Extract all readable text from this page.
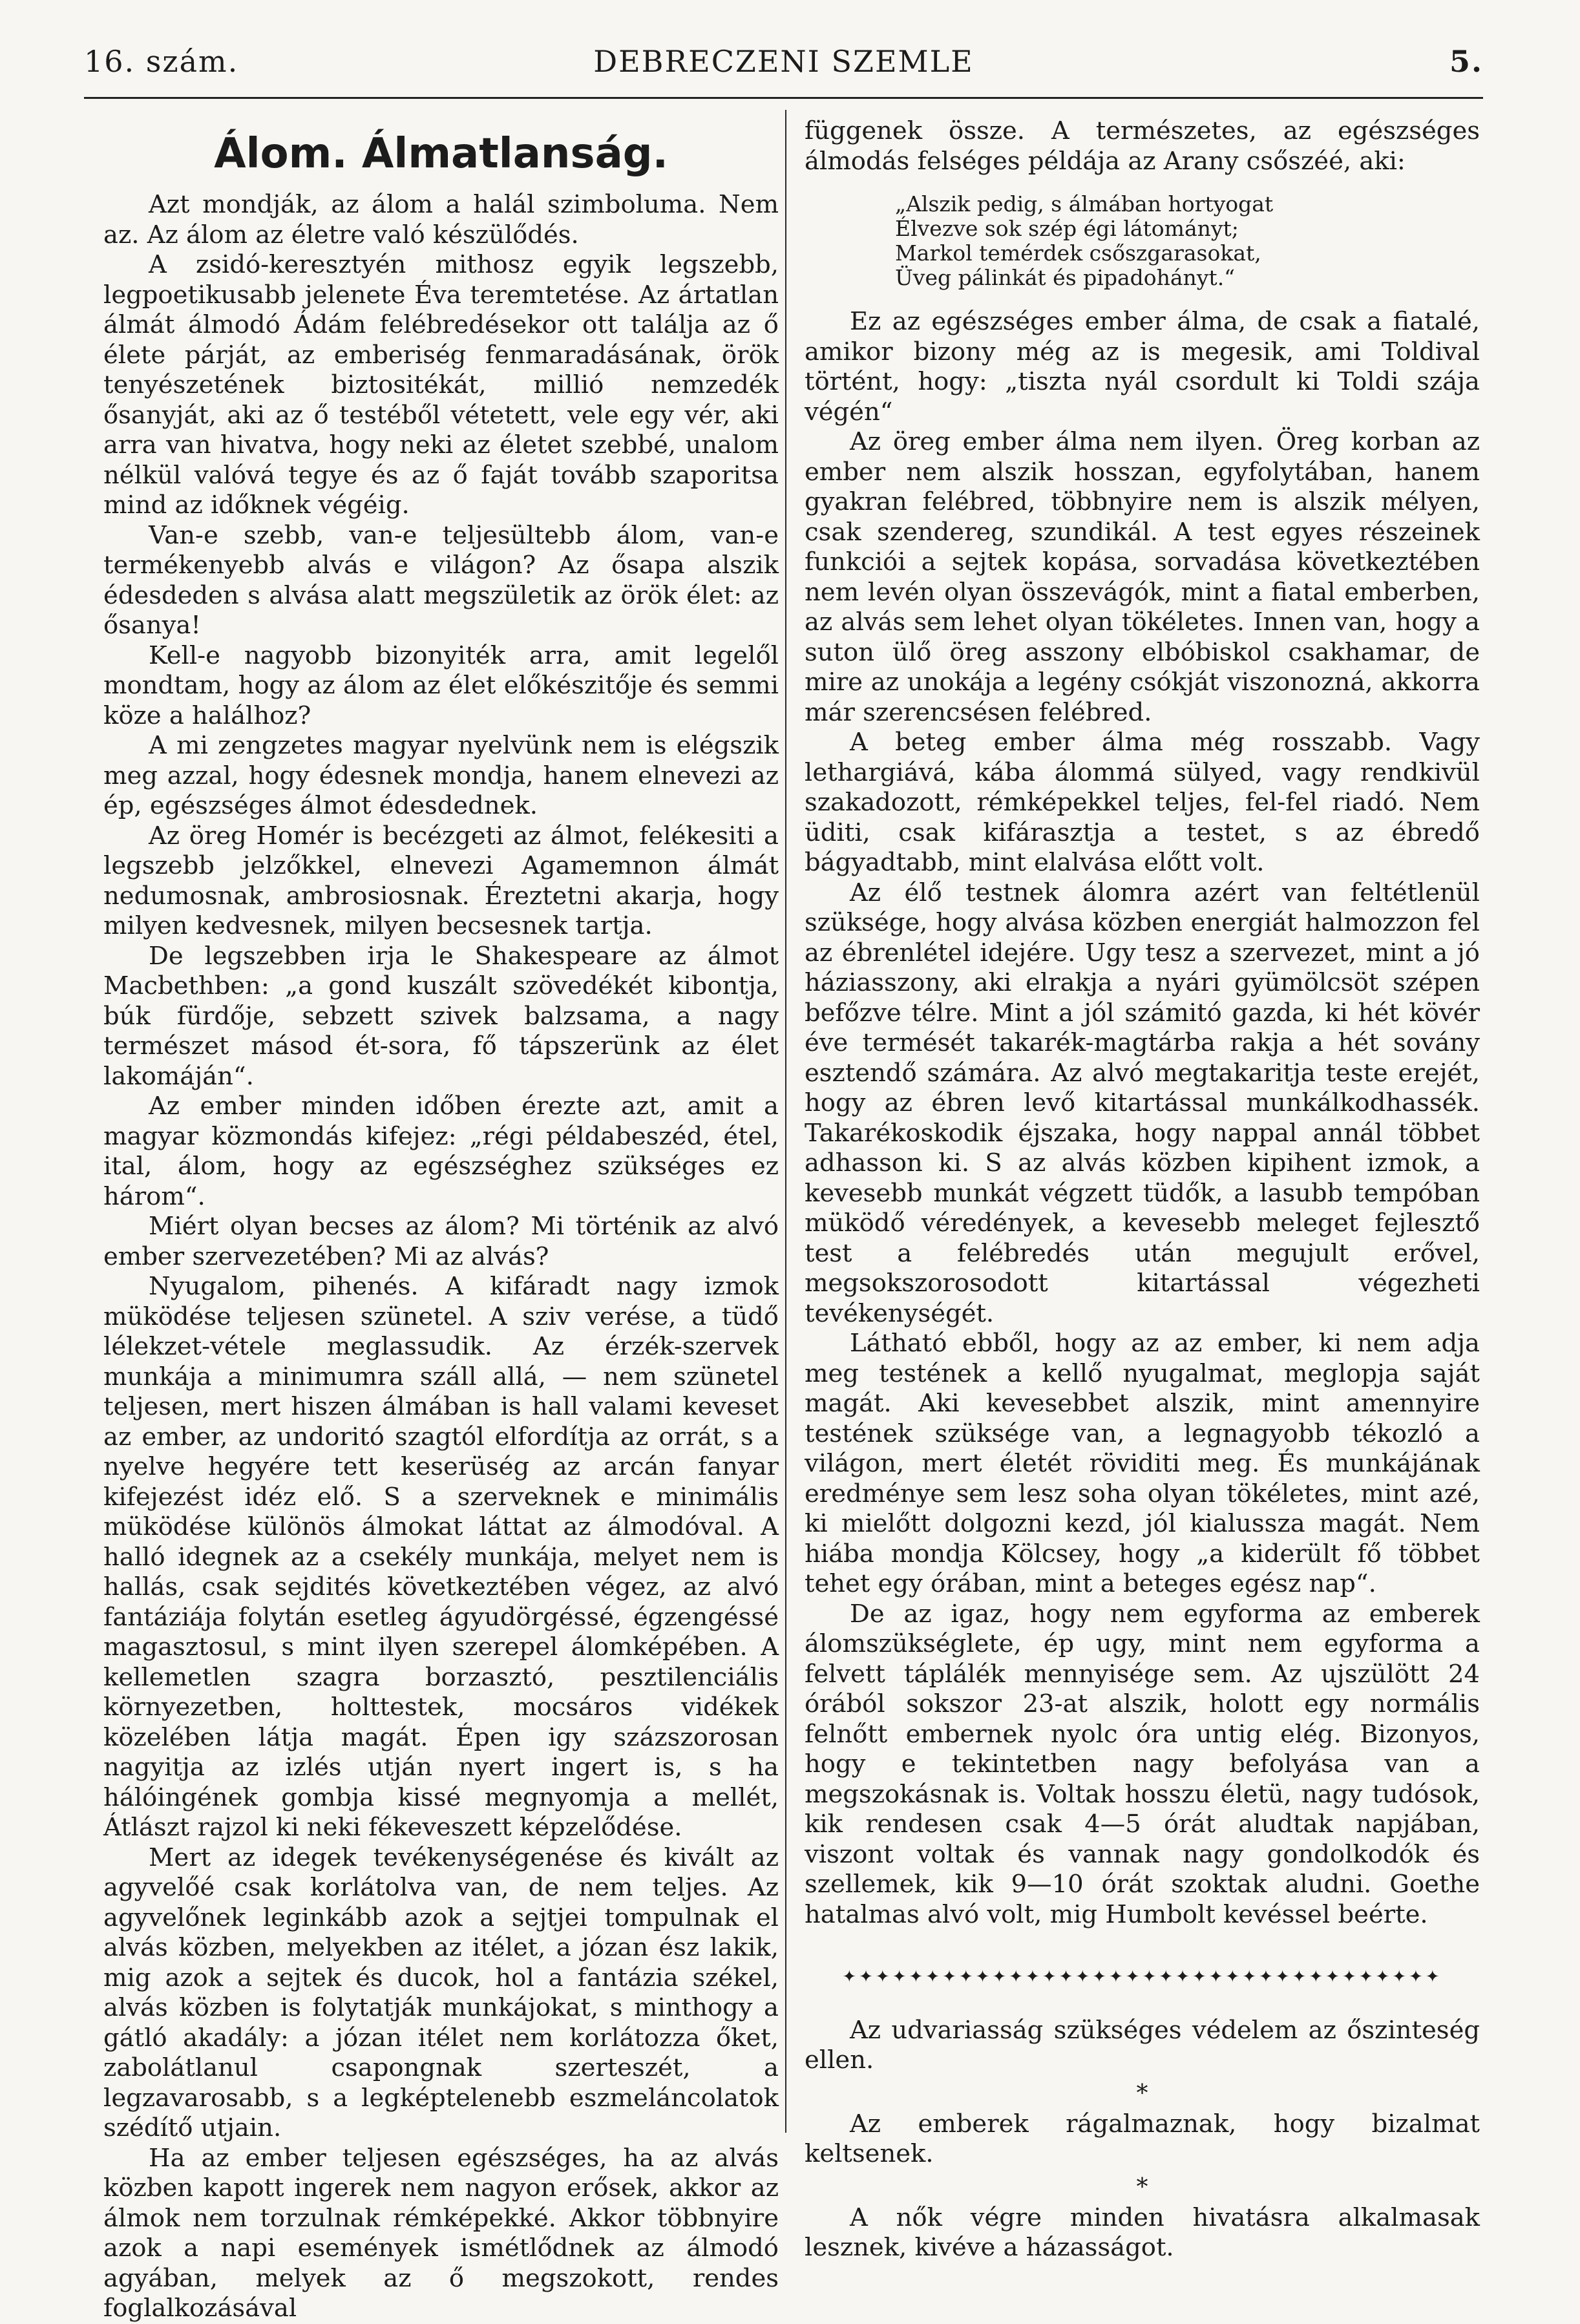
16. szám.	DEBRECZENI SZEMLE	5.
Álom. Álmatlanság.

Azt mondják, az álom a halál szimboluma. Nem az. Az álom az életre való készülődés.

A zsidó-keresztyén mithosz egyik legszebb, legpoetikusabb jelenete Éva teremtetése. Az ártatlan álmát álmodó Ádám felébredésekor ott találja az ő élete párját, az emberiség fenmaradásának, örök tenyészetének biztositékát, millió nemzedék ősanyját, aki az ő testéből vétetett, vele egy vér, aki arra van hivatva, hogy neki az életet szebbé, unalom nélkül valóvá tegye és az ő faját tovább szaporitsa mind az időknek végéig.

Van-e szebb, van-e teljesültebb álom, van-e termékenyebb alvás e világon? Az ősapa alszik édesdeden s alvása alatt megszületik az örök élet: az ősanya!

Kell-e nagyobb bizonyiték arra, amit legelől mondtam, hogy az álom az élet előkészitője és semmi köze a halálhoz?

A mi zengzetes magyar nyelvünk nem is elégszik meg azzal, hogy édesnek mondja, hanem elnevezi az ép, egészséges álmot édesdednek.

Az öreg Homér is becézgeti az álmot, felékesiti a legszebb jelzőkkel, elnevezi Agamemnon álmát nedumosnak, ambrosiosnak. Éreztetni akarja, hogy milyen kedvesnek, milyen becsesnek tartja.

De legszebben irja le Shakespeare az álmot Macbethben: „a gond kuszált szövedékét kibontja, búk fürdője, sebzett szivek balzsama, a nagy természet másod ét-sora, fő tápszerünk az élet lakomáján“.

Az ember minden időben érezte azt, amit a magyar közmondás kifejez: „régi példabeszéd, étel, ital, álom, hogy az egészséghez szükséges ez három“.

Miért olyan becses az álom? Mi történik az alvó ember szervezetében? Mi az alvás?

Nyugalom, pihenés. A kifáradt nagy izmok müködése teljesen szünetel. A sziv verése, a tüdő lélekzet-vétele meglassudik. Az érzék-szervek munkája a minimumra száll allá, — nem szünetel teljesen, mert hiszen álmában is hall valami keveset az ember, az undoritó szagtól elfordítja az orrát, s a nyelve hegyére tett keserüség az arcán fanyar kifejezést idéz elő. S a szerveknek e minimális müködése különös álmokat láttat az álmodóval. A halló idegnek az a csekély munkája, melyet nem is hallás, csak sejdités következtében végez, az alvó fantáziája folytán esetleg ágyudörgéssé, égzengéssé magasztosul, s mint ilyen szerepel álomképében. A kellemetlen szagra borzasztó, pesztilenciális környezetben, holttestek, mocsáros vidékek közelében látja magát. Épen igy százszorosan nagyitja az izlés utján nyert ingert is, s ha hálóingének gombja kissé megnyomja a mellét, Átlászt rajzol ki neki fékeveszett képzelődése.

Mert az idegek tevékenységenése és kivált az agyvelőé csak korlátolva van, de nem teljes. Az agyvelőnek leginkább azok a sejtjei tompulnak el alvás közben, melyekben az itélet, a józan ész lakik, mig azok a sejtek és ducok, hol a fantázia székel, alvás közben is folytatják munkájokat, s minthogy a gátló akadály: a józan itélet nem korlátozza őket, zabolátlanul csapongnak szerteszét, a legzavarosabb, s a legképtelenebb eszmeláncolatok szédítő utjain.

Ha az ember teljesen egészséges, ha az alvás közben kapott ingerek nem nagyon erősek, akkor az álmok nem torzulnak rémképekké. Akkor többnyire azok a napi események ismétlődnek az álmodó agyában, melyek az ő megszokott, rendes foglalkozásával

függenek össze. A természetes, az egészséges álmodás felséges példája az Arany csőszéé, aki:

„Alszik pedig, s álmában hortyogat
Élvezve sok szép égi látományt;
Markol temérdek csőszgarasokat,
Üveg pálinkát és pipadohányt.“

Ez az egészséges ember álma, de csak a fiatalé, amikor bizony még az is megesik, ami Toldival történt, hogy: „tiszta nyál csordult ki Toldi szája végén“

Az öreg ember álma nem ilyen. Öreg korban az ember nem alszik hosszan, egyfolytában, hanem gyakran felébred, többnyire nem is alszik mélyen, csak szendereg, szundikál. A test egyes részeinek funkciói a sejtek kopása, sorvadása következtében nem levén olyan összevágók, mint a fiatal emberben, az alvás sem lehet olyan tökéletes. Innen van, hogy a suton ülő öreg asszony elbóbiskol csakhamar, de mire az unokája a legény csókját viszonozná, akkorra már szerencsésen felébred.

A beteg ember álma még rosszabb. Vagy lethargiává, kába álommá sülyed, vagy rendkivül szakadozott, rémképekkel teljes, fel-fel riadó. Nem üditi, csak kifárasztja a testet, s az ébredő bágyadtabb, mint elalvása előtt volt.

Az élő testnek álomra azért van feltétlenül szüksége, hogy alvása közben energiát halmozzon fel az ébrenlétel idejére. Ugy tesz a szervezet, mint a jó háziasszony, aki elrakja a nyári gyümölcsöt szépen befőzve télre. Mint a jól számitó gazda, ki hét kövér éve termését takarék-magtárba rakja a hét sovány esztendő számára. Az alvó megtakaritja teste erejét, hogy az ébren levő kitartással munkálkodhassék. Takarékoskodik éjszaka, hogy nappal annál többet adhasson ki. S az alvás közben kipihent izmok, a kevesebb munkát végzett tüdők, a lasubb tempóban müködő véredények, a kevesebb meleget fejlesztő test a felébredés után megujult erővel, megsokszorosodott kitartással végezheti tevékenységét.

Látható ebből, hogy az az ember, ki nem adja meg testének a kellő nyugalmat, meglopja saját magát. Aki kevesebbet alszik, mint amennyire testének szüksége van, a legnagyobb tékozló a világon, mert életét röviditi meg. És munkájának eredménye sem lesz soha olyan tökéletes, mint azé, ki mielőtt dolgozni kezd, jól kialussza magát. Nem hiába mondja Kölcsey, hogy „a kiderült fő többet tehet egy órában, mint a beteges egész nap“.

De az igaz, hogy nem egyforma az emberek álomszükséglete, ép ugy, mint nem egyforma a felvett táplálék mennyisége sem. Az ujszülött 24 órából sokszor 23-at alszik, holott egy normális felnőtt embernek nyolc óra untig elég. Bizonyos, hogy e tekintetben nagy befolyása van a megszokásnak is. Voltak hosszu életü, nagy tudósok, kik rendesen csak 4—5 órát aludtak napjában, viszont voltak és vannak nagy gondolkodók és szellemek, kik 9—10 órát szoktak aludni. Goethe hatalmas alvó volt, mig Humbolt kevéssel beérte.

✦✦✦✦✦✦✦✦✦✦✦✦✦✦✦✦✦✦✦✦✦✦✦✦✦✦✦✦✦✦✦✦✦✦✦✦

Az udvariasság szükséges védelem az őszinteség ellen.

*

Az emberek rágalmaznak, hogy bizalmat keltsenek.

*

A nők végre minden hivatásra alkalmasak lesznek, kivéve a házasságot.
